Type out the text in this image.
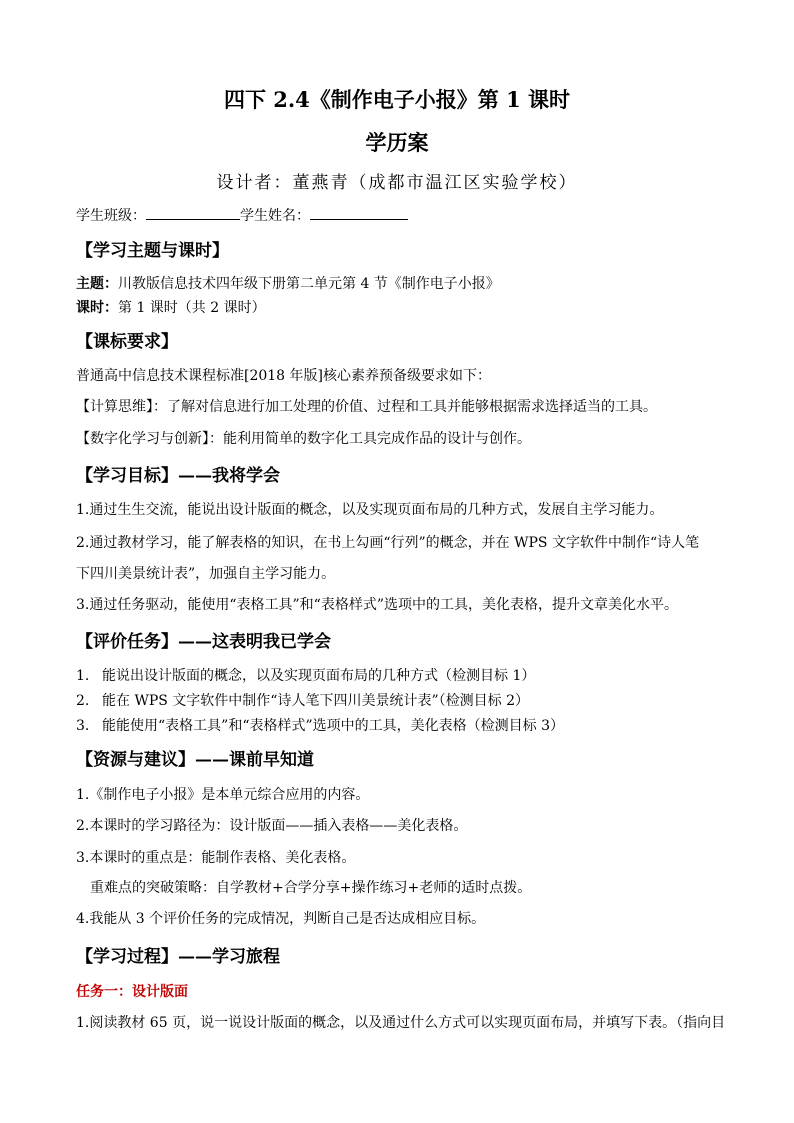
四下 2.4《制作电子小报》第 1 课时
学历案
设计者：董燕青（成都市温江区实验学校）
学生班级：	学生姓名：
【学习主题与课时】
主题：川教版信息技术四年级下册第二单元第 4 节《制作电子小报》
课时：第 1 课时（共 2 课时）
【课标要求】
普通高中信息技术课程标准[2018 年版]核心素养预备级要求如下：
【计算思维】：了解对信息进行加工处理的价值、过程和工具并能够根据需求选择适当的工具。
【数字化学习与创新】：能利用简单的数字化工具完成作品的设计与创作。
【学习目标】——我将学会
1.通过生生交流，能说出设计版面的概念，以及实现页面布局的几种方式，发展自主学习能力。
2.通过教材学习，能了解表格的知识，在书上勾画“行列”的概念，并在 WPS 文字软件中制作“诗人笔
下四川美景统计表”，加强自主学习能力。
3.通过任务驱动，能使用“表格工具”和“表格样式”选项中的工具，美化表格，提升文章美化水平。
【评价任务】——这表明我已学会
1. 能说出设计版面的概念，以及实现页面布局的几种方式（检测目标 1）
2. 能在 WPS 文字软件中制作“诗人笔下四川美景统计表”（检测目标 2）
3. 能能使用“表格工具”和“表格样式”选项中的工具，美化表格（检测目标 3）
【资源与建议】——课前早知道
1.《制作电子小报》是本单元综合应用的内容。
2.本课时的学习路径为：设计版面——插入表格——美化表格。
3.本课时的重点是：能制作表格、美化表格。
重难点的突破策略：自学教材+合学分享+操作练习+老师的适时点拨。
4.我能从 3 个评价任务的完成情况，判断自己是否达成相应目标。
【学习过程】——学习旅程
任务一：设计版面
1.阅读教材 65 页，说一说设计版面的概念，以及通过什么方式可以实现页面布局，并填写下表。（指向目
